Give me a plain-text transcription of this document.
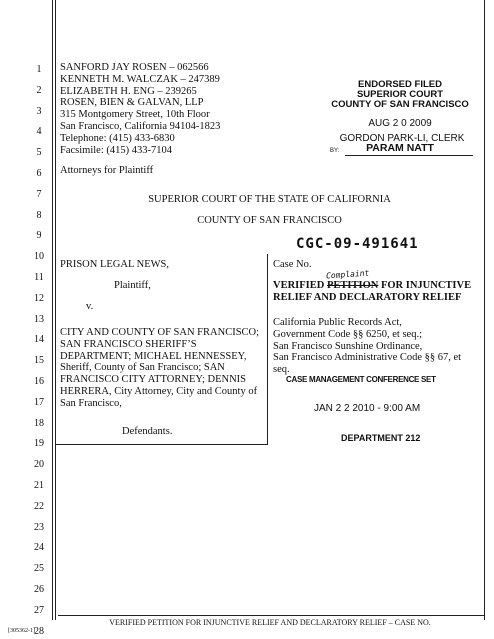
1
2
3
4
5
6
7
8
9
10
11
12
13
14
15
16
17
18
19
20
21
22
23
24
25
26
27
28
SANFORD JAY ROSEN – 062566
KENNETH M. WALCZAK – 247389
ELIZABETH H. ENG – 239265
ROSEN, BIEN & GALVAN, LLP
315 Montgomery Street, 10th Floor
San Francisco, California 94104-1823
Telephone: (415) 433-6830
Facsimile: (415) 433-7104
Attorneys for Plaintiff
ENDORSED FILED
SUPERIOR COURT
COUNTY OF SAN FRANCISCO
AUG 2 0 2009
GORDON PARK-LI, CLERK
BY:	PARAM NATT
SUPERIOR COURT OF THE STATE OF CALIFORNIA
COUNTY OF SAN FRANCISCO
CGC-09-491641
PRISON LEGAL NEWS,
Plaintiff,
v.
CITY AND COUNTY OF SAN FRANCISCO;
SAN FRANCISCO SHERIFF’S
DEPARTMENT; MICHAEL HENNESSEY,
Sheriff, County of San Francisco; SAN
FRANCISCO CITY ATTORNEY; DENNIS
HERRERA, City Attorney, City and County of
San Francisco,
Defendants.
Case No.
Complaint
VERIFIED PETITION FOR INJUNCTIVE
RELIEF AND DECLARATORY RELIEF
California Public Records Act,
Government Code §§ 6250, et seq.;
San Francisco Sunshine Ordinance,
San Francisco Administrative Code §§ 67, et
seq.
CASE MANAGEMENT CONFERENCE SET
JAN 2 2 2010 - 9:00 AM
DEPARTMENT 212
VERIFIED PETITION FOR INJUNCTIVE RELIEF AND DECLARATORY RELIEF – CASE NO.
[305362-1]
